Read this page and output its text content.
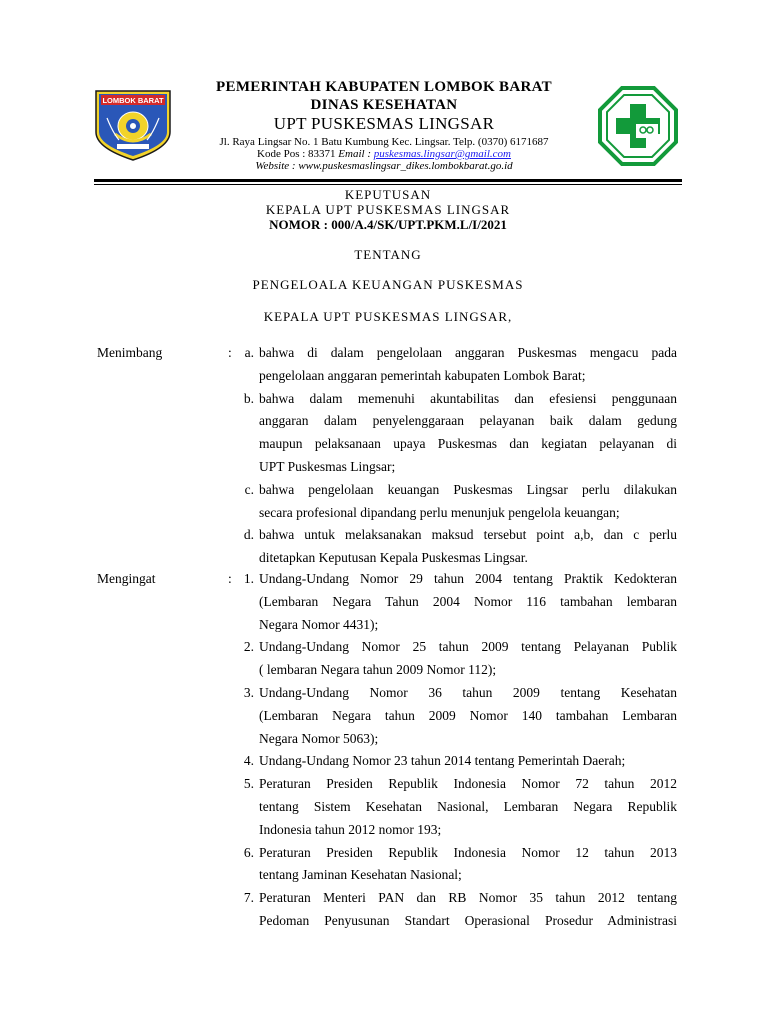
LOMBOK BARAT
PEMERINTAH KABUPATEN LOMBOK BARAT
DINAS KESEHATAN
UPT PUSKESMAS LINGSAR
Jl. Raya Lingsar No. 1 Batu Kumbung Kec. Lingsar. Telp. (0370) 6171687
Kode Pos : 83371 Email : puskesmas.lingsar@gmail.com
Website : www.puskesmaslingsar_dikes.lombokbarat.go.id
KEPUTUSAN
KEPALA UPT PUSKESMAS LINGSAR
NOMOR : 000/A.4/SK/UPT.PKM.L/I/2021
TENTANG
PENGELOALA KEUANGAN PUSKESMAS
KEPALA UPT PUSKESMAS LINGSAR,
Menimbang	: a. bahwa di dalam pengelolaan anggaran Puskesmas mengacu pada
pengelolaan anggaran pemerintah kabupaten Lombok Barat;
b. bahwa dalam memenuhi akuntabilitas dan efesiensi penggunaan
anggaran dalam penyelenggaraan pelayanan baik dalam gedung
maupun pelaksanaan upaya Puskesmas dan kegiatan pelayanan di
UPT Puskesmas Lingsar;
c. bahwa pengelolaan keuangan Puskesmas Lingsar perlu dilakukan
secara profesional dipandang perlu menunjuk pengelola keuangan;
d. bahwa untuk melaksanakan maksud tersebut point a,b, dan c perlu
ditetapkan Keputusan Kepala Puskesmas Lingsar.
Mengingat	: 1. Undang-Undang Nomor 29 tahun 2004 tentang Praktik Kedokteran
(Lembaran Negara Tahun 2004 Nomor 116 tambahan lembaran
Negara Nomor 4431);
2. Undang-Undang Nomor 25 tahun 2009 tentang Pelayanan Publik
( lembaran Negara tahun 2009 Nomor 112);
3. Undang-Undang Nomor 36 tahun 2009 tentang Kesehatan
(Lembaran Negara tahun 2009 Nomor 140 tambahan Lembaran
Negara Nomor 5063);
4. Undang-Undang Nomor 23 tahun 2014 tentang Pemerintah Daerah;
5. Peraturan Presiden Republik Indonesia Nomor 72 tahun 2012
tentang Sistem Kesehatan Nasional, Lembaran Negara Republik
Indonesia tahun 2012 nomor 193;
6. Peraturan Presiden Republik Indonesia Nomor 12 tahun 2013
tentang Jaminan Kesehatan Nasional;
7. Peraturan Menteri PAN dan RB Nomor 35 tahun 2012 tentang
Pedoman Penyusunan Standart Operasional Prosedur Administrasi
